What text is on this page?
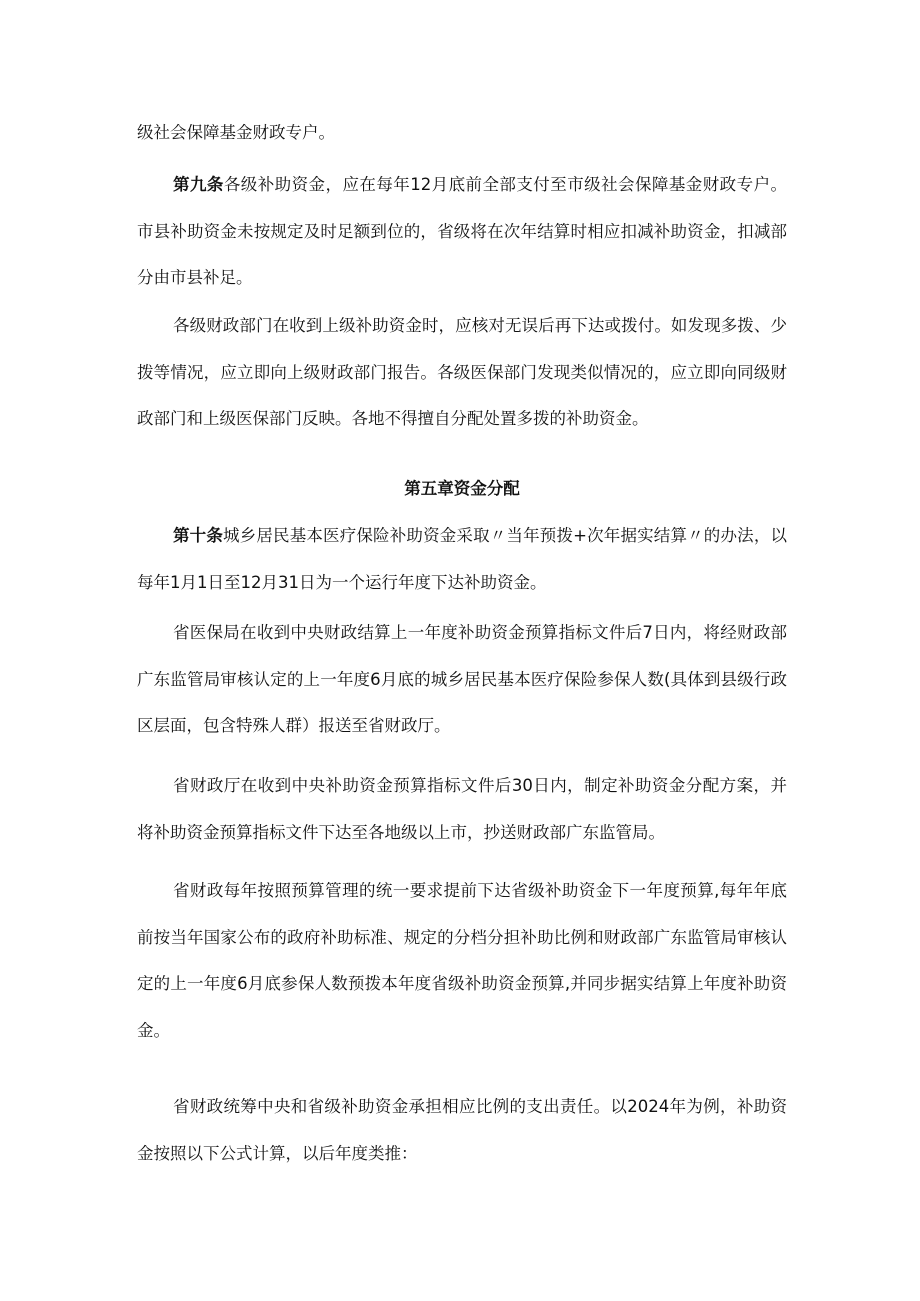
级社会保障基金财政专户。

第九条各级补助资金，应在每年12月底前全部支付至市级社会保障基金财政专户。市县补助资金未按规定及时足额到位的，省级将在次年结算时相应扣减补助资金，扣减部分由市县补足。

各级财政部门在收到上级补助资金时，应核对无误后再下达或拨付。如发现多拨、少拨等情况，应立即向上级财政部门报告。各级医保部门发现类似情况的，应立即向同级财政部门和上级医保部门反映。各地不得擅自分配处置多拨的补助资金。

第五章资金分配

第十条城乡居民基本医疗保险补助资金采取〃当年预拨+次年据实结算〃的办法，以每年1月1日至12月31日为一个运行年度下达补助资金。

省医保局在收到中央财政结算上一年度补助资金预算指标文件后7日内，将经财政部广东监管局审核认定的上一年度6月底的城乡居民基本医疗保险参保人数(具体到县级行政区层面，包含特殊人群）报送至省财政厅。

省财政厅在收到中央补助资金预算指标文件后30日内，制定补助资金分配方案，并将补助资金预算指标文件下达至各地级以上市，抄送财政部广东监管局。

省财政每年按照预算管理的统一要求提前下达省级补助资金下一年度预算,每年年底前按当年国家公布的政府补助标准、规定的分档分担补助比例和财政部广东监管局审核认定的上一年度6月底参保人数预拨本年度省级补助资金预算,并同步据实结算上年度补助资金。

省财政统筹中央和省级补助资金承担相应比例的支出责任。以2024年为例，补助资金按照以下公式计算，以后年度类推：
